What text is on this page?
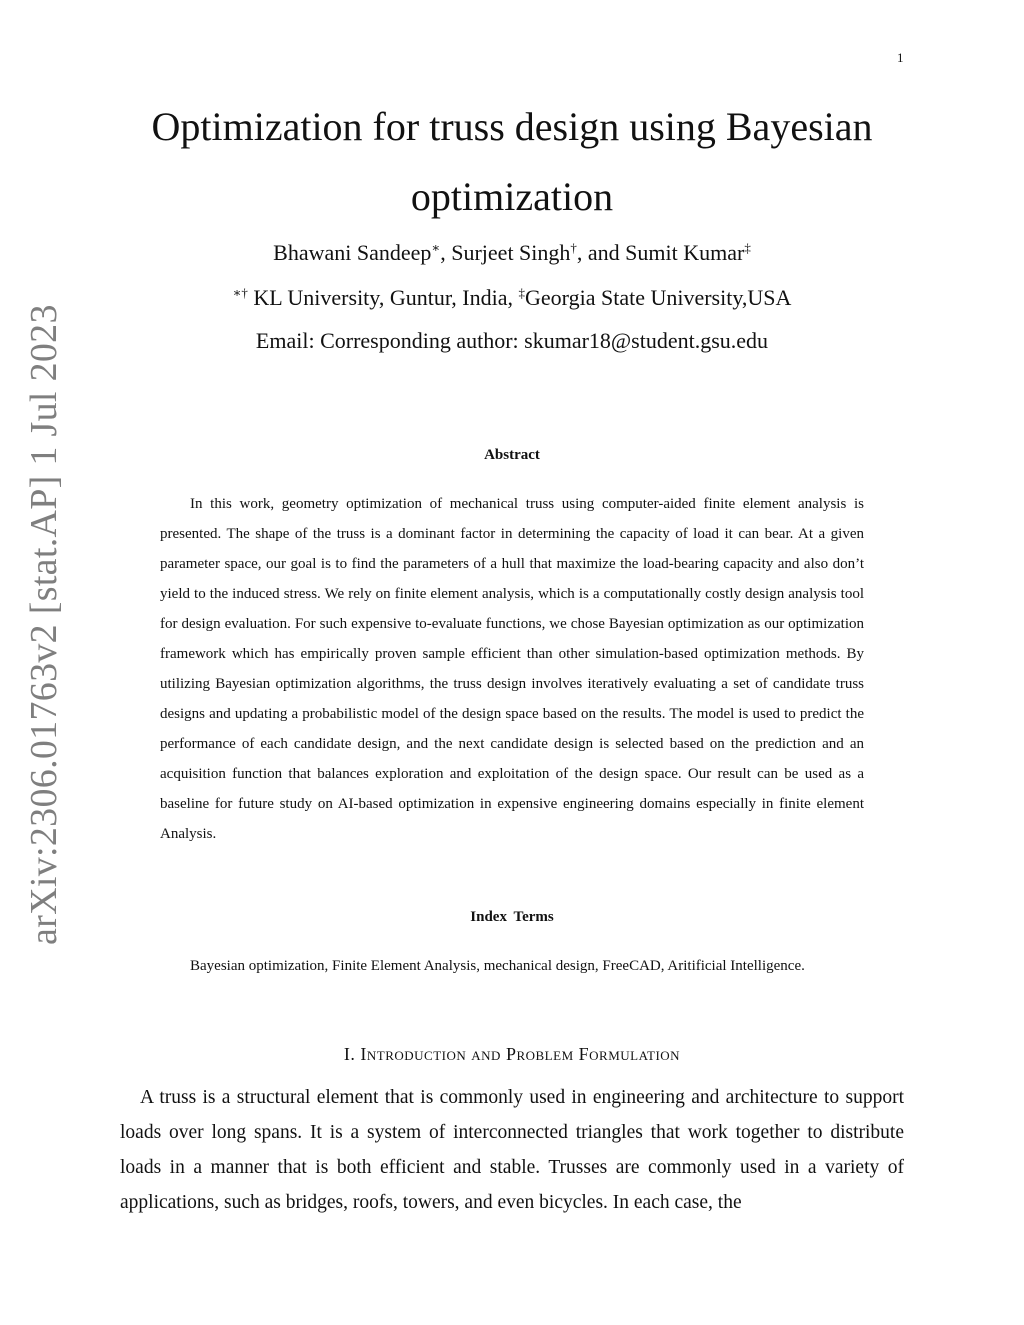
1
arXiv:2306.01763v2 [stat.AP] 1 Jul 2023
Optimization for truss design using Bayesian optimization
Bhawani Sandeep∗, Surjeet Singh†, and Sumit Kumar‡
∗† KL University, Guntur, India, ‡Georgia State University,USA
Email: Corresponding author: skumar18@student.gsu.edu
Abstract

In this work, geometry optimization of mechanical truss using computer-aided finite element analysis is presented. The shape of the truss is a dominant factor in determining the capacity of load it can bear. At a given parameter space, our goal is to find the parameters of a hull that maximize the load-bearing capacity and also don’t yield to the induced stress. We rely on finite element analysis, which is a computationally costly design analysis tool for design evaluation. For such expensive to-evaluate functions, we chose Bayesian optimization as our optimization framework which has empirically proven sample efficient than other simulation-based optimization methods. By utilizing Bayesian optimization algorithms, the truss design involves iteratively evaluating a set of candidate truss designs and updating a probabilistic model of the design space based on the results. The model is used to predict the performance of each candidate design, and the next candidate design is selected based on the prediction and an acquisition function that balances exploration and exploitation of the design space. Our result can be used as a baseline for future study on AI-based optimization in expensive engineering domains especially in finite element Analysis.

Index Terms

Bayesian optimization, Finite Element Analysis, mechanical design, FreeCAD, Aritificial Intelligence.

I. Introduction and Problem Formulation

A truss is a structural element that is commonly used in engineering and architecture to support loads over long spans. It is a system of interconnected triangles that work together to distribute loads in a manner that is both efficient and stable. Trusses are commonly used in a variety of applications, such as bridges, roofs, towers, and even bicycles. In each case, the
